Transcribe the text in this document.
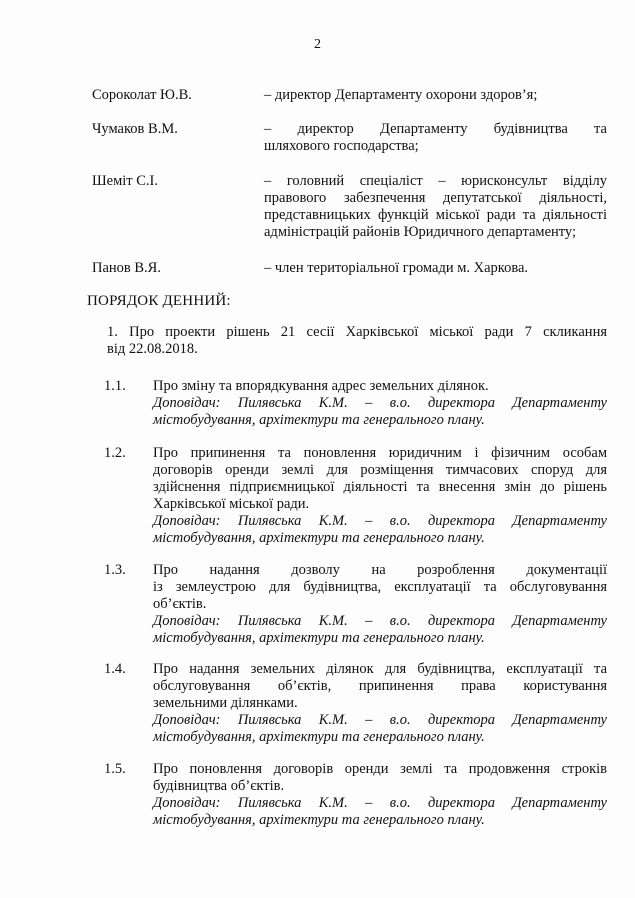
2
Сороколат Ю.В.	– директор Департаменту охорони здоров’я;
Чумаков В.М.	– директор Департаменту будівництва та
шляхового господарства;
Шеміт С.І.	– головний спеціаліст – юрисконсульт відділу
правового забезпечення депутатської діяльності,
представницьких функцій міської ради та діяльності
адміністрацій районів Юридичного департаменту;
Панов В.Я.	– член територіальної громади м. Харкова.
ПОРЯДОК ДЕННИЙ:
1. Про проекти рішень 21 сесії Харківської міської ради 7 скликання
від 22.08.2018.
1.1.	Про зміну та впорядкування адрес земельних ділянок.
Доповідач: Пилявська К.М. – в.о. директора Департаменту
містобудування, архітектури та генерального плану.
1.2.	Про припинення та поновлення юридичним і фізичним особам
договорів оренди землі для розміщення тимчасових споруд для
здійснення підприємницької діяльності та внесення змін до рішень
Харківської міської ради.
Доповідач: Пилявська К.М. – в.о. директора Департаменту
містобудування, архітектури та генерального плану.
1.3.	Про надання дозволу на розроблення документації
із землеустрою для будівництва, експлуатації та обслуговування
об’єктів.
Доповідач: Пилявська К.М. – в.о. директора Департаменту
містобудування, архітектури та генерального плану.
1.4.	Про надання земельних ділянок для будівництва, експлуатації та
обслуговування об’єктів, припинення права користування
земельними ділянками.
Доповідач: Пилявська К.М. – в.о. директора Департаменту
містобудування, архітектури та генерального плану.
1.5.	Про поновлення договорів оренди землі та продовження строків
будівництва об’єктів.
Доповідач: Пилявська К.М. – в.о. директора Департаменту
містобудування, архітектури та генерального плану.
